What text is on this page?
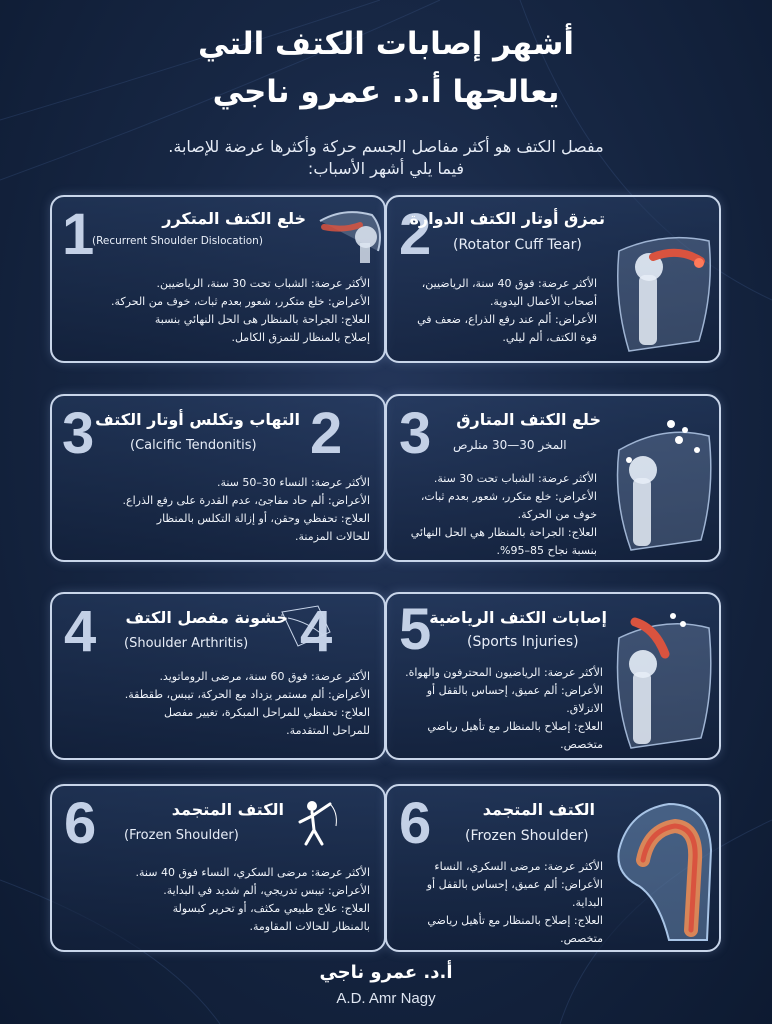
أشهر إصابات الكتف التي
يعالجها أ.د. عمرو ناجي
مفصل الكتف هو أكثر مفاصل الجسم حركة وأكثرها عرضة للإصابة.
فيما يلي أشهر الأسباب:
1	خلع الكتف المتكرر
(Recurrent Shoulder Dislocation)
الأكثر عرضة: الشباب تحت 30 سنة، الرياضيين.
الأعراض: خلع متكرر، شعور بعدم ثبات، خوف من الحركة.
العلاج: الجراحة بالمنظار هى الحل النهائي بنسبة
إصلاح بالمنظار للتمزق الكامل.
2
تمزق أوتار الكتف الدوارة
(Rotator Cuff Tear)
الأكثر عرضة: فوق 40 سنة، الرياضيين،
أصحاب الأعمال اليدوية.
الأعراض: ألم عند رفع الذراع، ضعف في
قوة الكتف، ألم ليلي.
3	2
التهاب وتكلس أوتار الكتف
(Calcific Tendonitis)
الأكثر عرضة: النساء 30–50 سنة.
الأعراض: ألم حاد مفاجئ، عدم القدرة على رفع الذراع.
العلاج: تحفظي وحقن، أو إزالة التكلس بالمنظار
للحالات المزمنة.
3	خلع الكتف المتارق
المخر 30—30 منلرص
الأكثر عرضة: الشباب تحت 30 سنة.
الأعراض: خلع متكرر، شعور بعدم ثبات،
خوف من الحركة.
العلاج: الجراحة بالمنظار هي الحل النهائي
بنسبة نجاح 85–95%.
4	4
خشونة مفصل الكتف
(Shoulder Arthritis)
الأكثر عرضة: فوق 60 سنة، مرضى الروماتويد.
الأعراض: ألم مستمر يزداد مع الحركة، تيبس، طقطقة.
العلاج: تحفظي للمراحل المبكرة، تغيير مفصل
للمراحل المتقدمة.
5
إصابات الكتف الرياضية
(Sports Injuries)
الأكثر عرضة: الرياضيون المحترفون والهواة.
الأعراض: ألم عميق، إحساس بالقفل أو
الانزلاق.
العلاج: إصلاح بالمنظار مع تأهيل رياضي
متخصص.
6	الكتف المتجمد
(Frozen Shoulder)
الأكثر عرضة: مرضى السكري، النساء فوق 40 سنة.
الأعراض: تيبس تدريجي، ألم شديد في البداية.
العلاج: علاج طبيعي مكثف، أو تحرير كبسولة
بالمنظار للحالات المقاومة.
6	الكتف المتجمد
(Frozen Shoulder)
الأكثر عرضة: مرضى السكري، النساء
الأعراض: ألم عميق، إحساس بالقفل أو
البداية.
العلاج: إصلاح بالمنظار مع تأهيل رياضي
متخصص.
أ.د. عمرو ناجي
A.D. Amr Nagy
